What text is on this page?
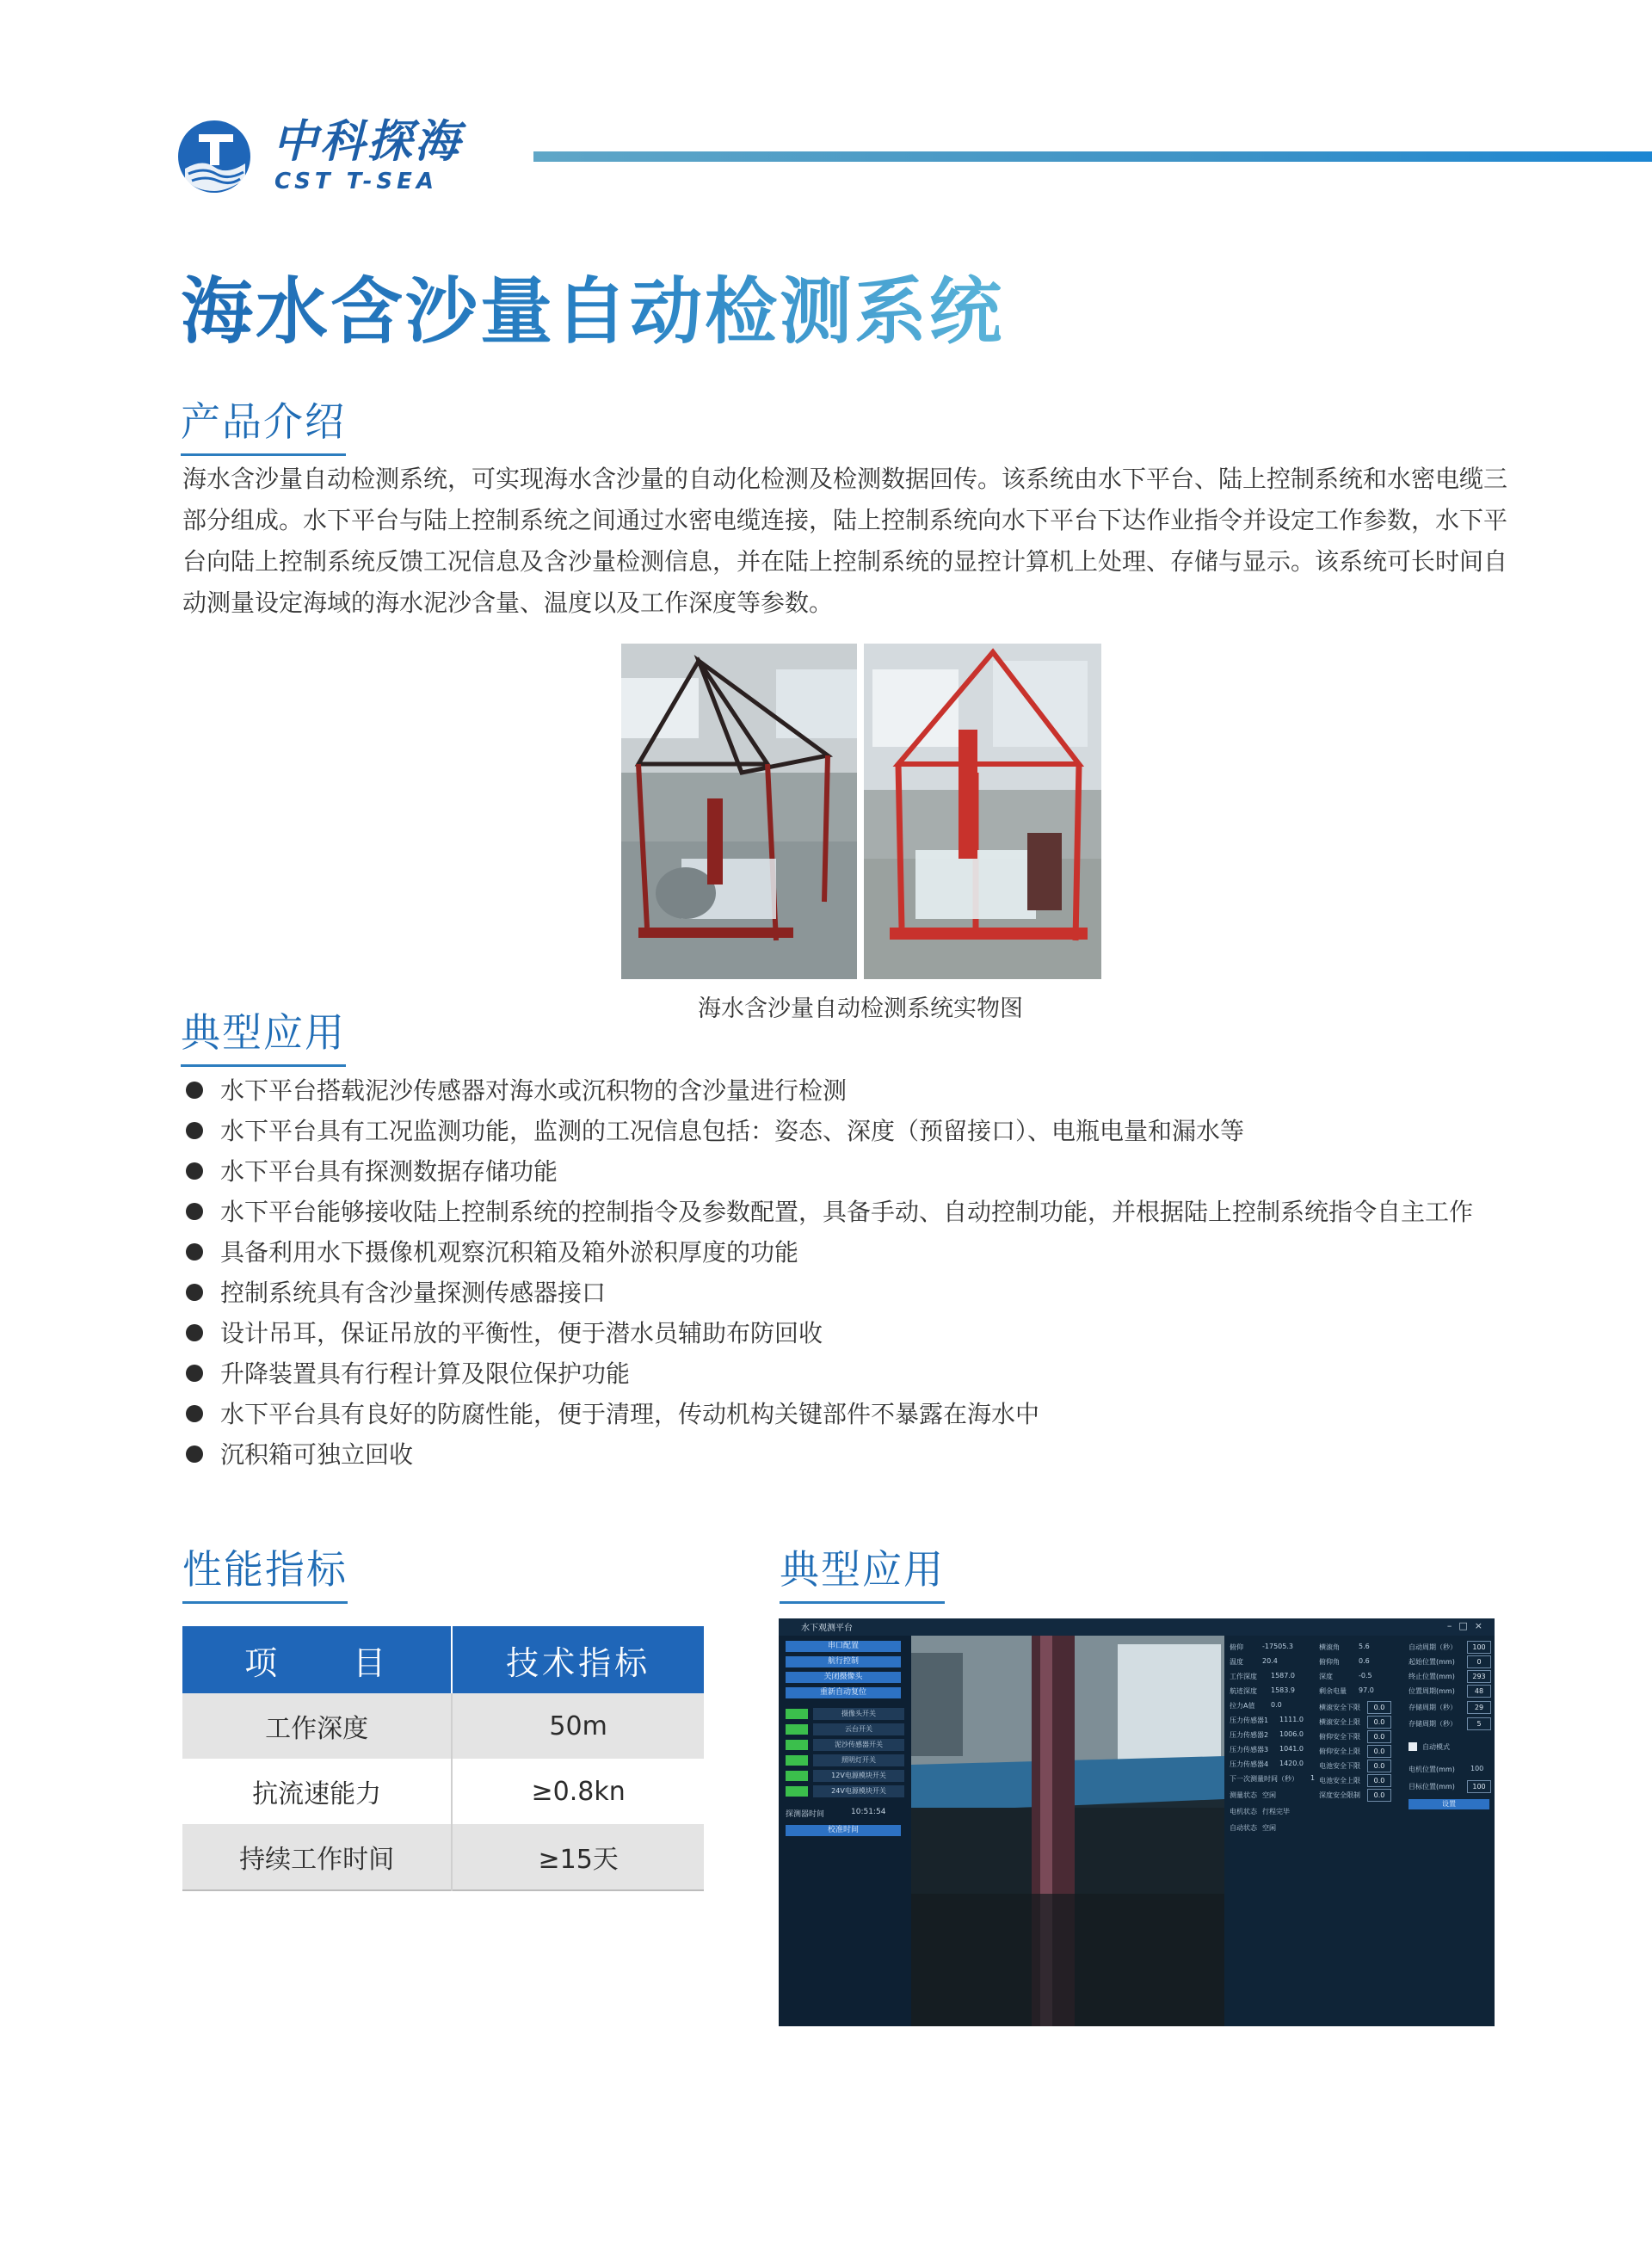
中科探海
CST T-SEA
海水含沙量自动检测系统
产品介绍

海水含沙量自动检测系统，可实现海水含沙量的自动化检测及检测数据回传。该系统由水下平台、陆上控制系统和水密电缆三部分组成。水下平台与陆上控制系统之间通过水密电缆连接，陆上控制系统向水下平台下达作业指令并设定工作参数，水下平台向陆上控制系统反馈工况信息及含沙量检测信息，并在陆上控制系统的显控计算机上处理、存储与显示。该系统可长时间自动测量设定海域的海水泥沙含量、温度以及工作深度等参数。

海水含沙量自动检测系统实物图
典型应用
水下平台搭载泥沙传感器对海水或沉积物的含沙量进行检测
水下平台具有工况监测功能，监测的工况信息包括：姿态、深度（预留接口）、电瓶电量和漏水等
水下平台具有探测数据存储功能
水下平台能够接收陆上控制系统的控制指令及参数配置，具备手动、自动控制功能，并根据陆上控制系统指令自主工作
具备利用水下摄像机观察沉积箱及箱外淤积厚度的功能
控制系统具有含沙量探测传感器接口
设计吊耳，保证吊放的平衡性，便于潜水员辅助布防回收
升降装置具有行程计算及限位保护功能
水下平台具有良好的防腐性能，便于清理，传动机构关键部件不暴露在海水中
沉积箱可独立回收
性能指标
项　　目	技术指标
工作深度	50m
抗流速能力	≥0.8kn
持续工作时间	≥15天
典型应用
水下观测平台	–□×
串口配置
航行控制
关闭摄像头
重新自动复位
摄像头开关
云台开关
泥沙传感器开关
照明灯开关
12V电源模块开关
24V电源模块开关
探测器时间	10:51:54
校准时间
俯仰	-17505.3
温度	20.4
工作深度 1587.0
航迹深度 1583.9
拉力A值 0.0
压力传感器1 1111.0
压力传感器2 1006.0
压力传感器3 1041.0
压力传感器4 1420.0
下一次测量时间（秒） 1
测量状态 空闲
电机状态 行程完毕
自动状态 空闲
横滚角	5.6
俯仰角	0.6
深度	-0.5
剩余电量 97.0
横滚安全下限	0.0
横滚安全上限	0.0
俯仰安全下限	0.0
俯仰安全上限	0.0
电池安全下限	0.0
电池安全上限	0.0
深度安全限制	0.0
自动周期（秒）	100
起始位置(mm)	0
终止位置(mm)	293
位置周期(mm)	48
存储周期（秒）	29
存储周期（秒）	5
自动模式
电机位置(mm) 100
目标位置(mm)	100
设置
